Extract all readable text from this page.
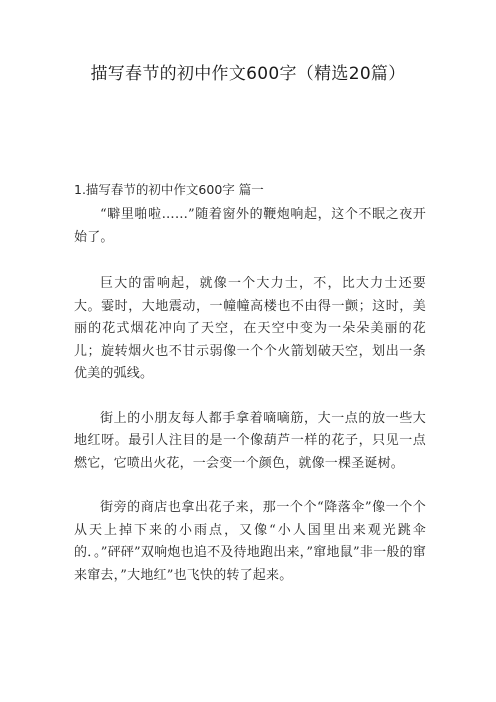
描写春节的初中作文600字（精选20篇）
1.描写春节的初中作文600字 篇一

“噼里啪啦……”随着窗外的鞭炮响起，这个不眠之夜开始了。

巨大的雷响起，就像一个大力士，不，比大力士还要大。霎时，大地震动，一幢幢高楼也不由得一颤；这时，美丽的花式烟花冲向了天空，在天空中变为一朵朵美丽的花儿；旋转烟火也不甘示弱像一个个火箭划破天空，划出一条优美的弧线。

街上的小朋友每人都手拿着嘀嘀筋，大一点的放一些大地红呀。最引人注目的是一个像葫芦一样的花子，只见一点燃它，它喷出火花，一会变一个颜色，就像一棵圣诞树。

街旁的商店也拿出花子来，那一个个“降落伞”像一个个从天上掉下来的小雨点，又像“小人国里出来观光跳伞的．。”砰砰”双响炮也追不及待地跑出来，”窜地鼠”非一般的窜来窜去，”大地红”也飞快的转了起来。
